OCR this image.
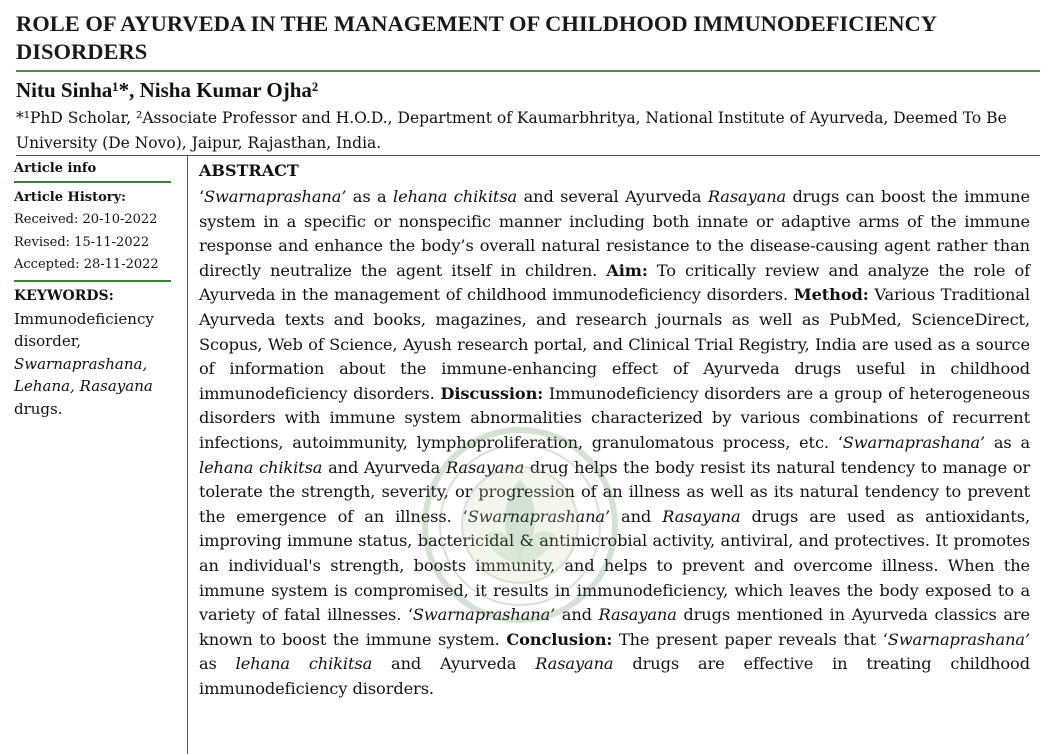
ROLE OF AYURVEDA IN THE MANAGEMENT OF CHILDHOOD IMMUNODEFICIENCY DISORDERS

Nitu Sinha¹*, Nisha Kumar Ojha²

*¹PhD Scholar, ²Associate Professor and H.O.D., Department of Kaumarbhritya, National Institute of Ayurveda, Deemed To Be University (De Novo), Jaipur, Rajasthan, India.

Article info
Article History:
Received: 20-10-2022
Revised: 15-11-2022
Accepted: 28-11-2022
KEYWORDS:
Immunodeficiency disorder, Swarnaprashana, Lehana, Rasayana drugs.
ABSTRACT

‘Swarnaprashana’ as a lehana chikitsa and several Ayurveda Rasayana drugs can boost the immune system in a specific or nonspecific manner including both innate or adaptive arms of the immune response and enhance the body’s overall natural resistance to the disease-causing agent rather than directly neutralize the agent itself in children. Aim: To critically review and analyze the role of Ayurveda in the management of childhood immunodeficiency disorders. Method: Various Traditional Ayurveda texts and books, magazines, and research journals as well as PubMed, ScienceDirect, Scopus, Web of Science, Ayush research portal, and Clinical Trial Registry, India are used as a source of information about the immune-enhancing effect of Ayurveda drugs useful in childhood immunodeficiency disorders. Discussion: Immunodeficiency disorders are a group of heterogeneous disorders with immune system abnormalities characterized by various combinations of recurrent infections, autoimmunity, lymphoproliferation, granulomatous process, etc. ‘Swarnaprashana’ as a lehana chikitsa and Ayurveda Rasayana drug helps the body resist its natural tendency to manage or tolerate the strength, severity, or progression of an illness as well as its natural tendency to prevent the emergence of an illness. ‘Swarnaprashana’ and Rasayana drugs are used as antioxidants, improving immune status, bactericidal & antimicrobial activity, antiviral, and protectives. It promotes an individual's strength, boosts immunity, and helps to prevent and overcome illness. When the immune system is compromised, it results in immunodeficiency, which leaves the body exposed to a variety of fatal illnesses. ‘Swarnaprashana’ and Rasayana drugs mentioned in Ayurveda classics are known to boost the immune system. Conclusion: The present paper reveals that ‘Swarnaprashana’ as lehana chikitsa and Ayurveda Rasayana drugs are effective in treating childhood immunodeficiency disorders.
